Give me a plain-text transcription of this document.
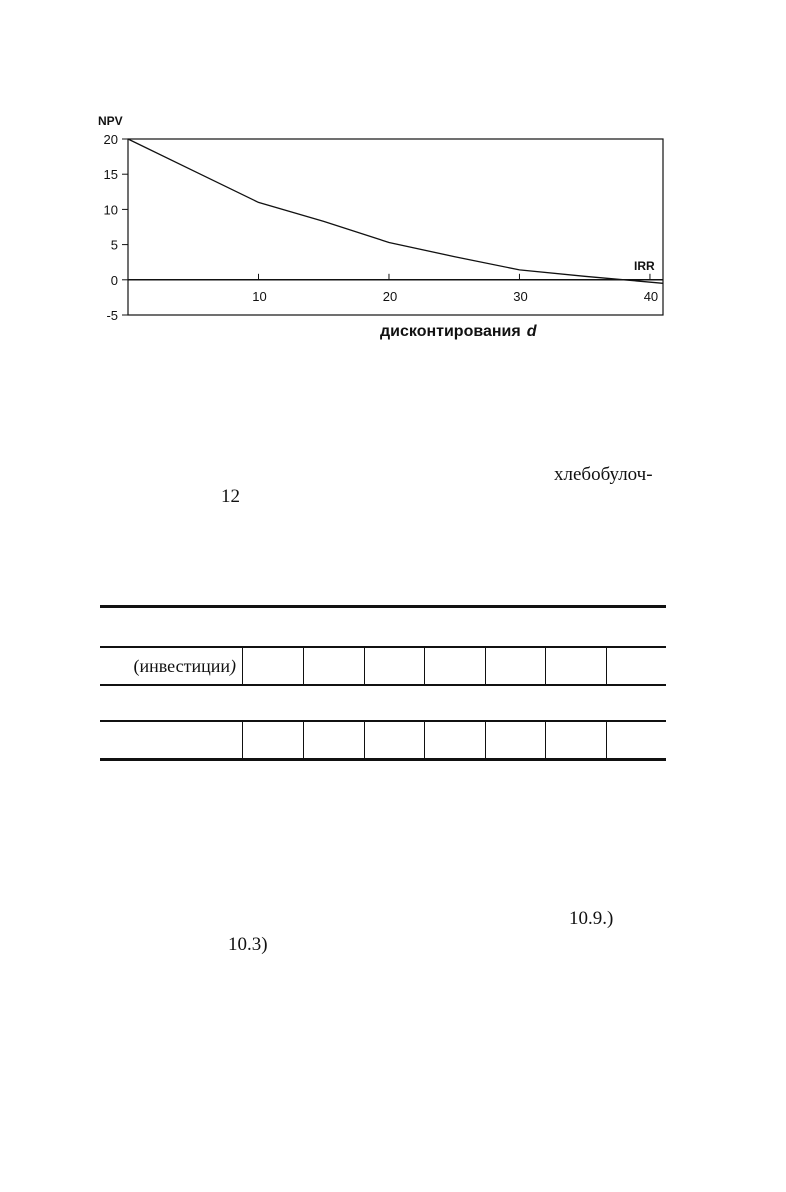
NPV
IRR
20
15
10
5
0
-5
10	20	30	40
дисконтирования d
хлебобулоч-
12
10.9.)
10.3)
(инвестиции)
